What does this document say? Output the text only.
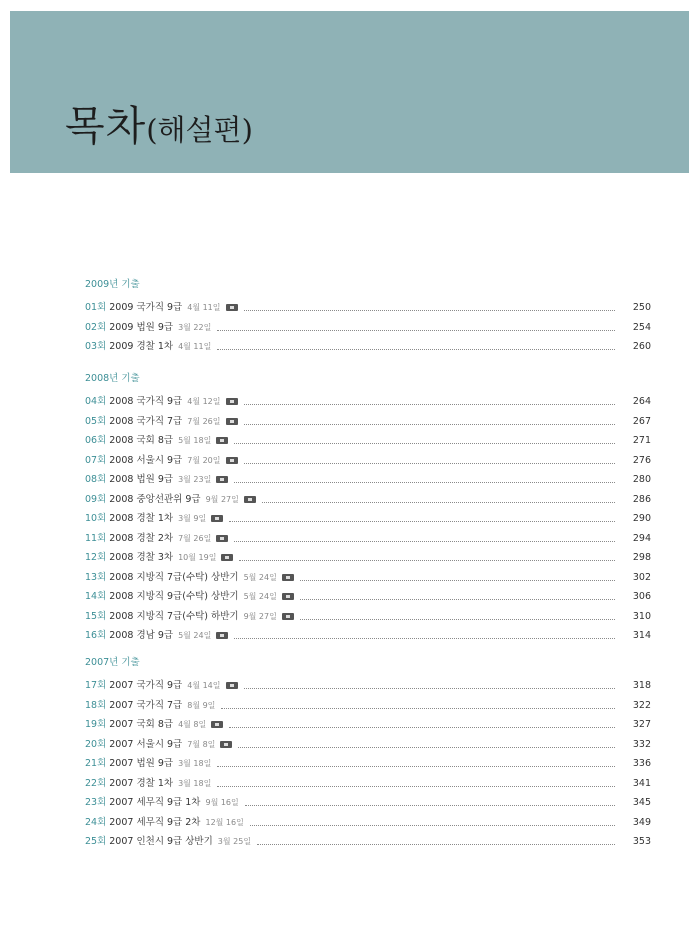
목차(해설편)
2009년 기출
01회 2009 국가직 9급 4월 11일	250
02회 2009 법원 9급 3월 22일	254
03회 2009 경찰 1차 4월 11일	260
2008년 기출
04회 2008 국가직 9급 4월 12일	264
05회 2008 국가직 7급 7월 26일	267
06회 2008 국회 8급 5월 18일	271
07회 2008 서울시 9급 7월 20일	276
08회 2008 법원 9급 3월 23일	280
09회 2008 중앙선관위 9급 9월 27일	286
10회 2008 경찰 1차 3월 9일	290
11회 2008 경찰 2차 7월 26일	294
12회 2008 경찰 3차 10월 19일	298
13회 2008 지방직 7급(수탁) 상반기 5월 24일	302
14회 2008 지방직 9급(수탁) 상반기 5월 24일	306
15회 2008 지방직 7급(수탁) 하반기 9월 27일	310
16회 2008 경남 9급 5월 24일	314
2007년 기출
17회 2007 국가직 9급 4월 14일	318
18회 2007 국가직 7급 8월 9일	322
19회 2007 국회 8급 4월 8일	327
20회 2007 서울시 9급 7월 8일	332
21회 2007 법원 9급 3월 18일	336
22회 2007 경찰 1차 3월 18일	341
23회 2007 세무직 9급 1차 9월 16일	345
24회 2007 세무직 9급 2차 12월 16일	349
25회 2007 인천시 9급 상반기 3월 25일	353
